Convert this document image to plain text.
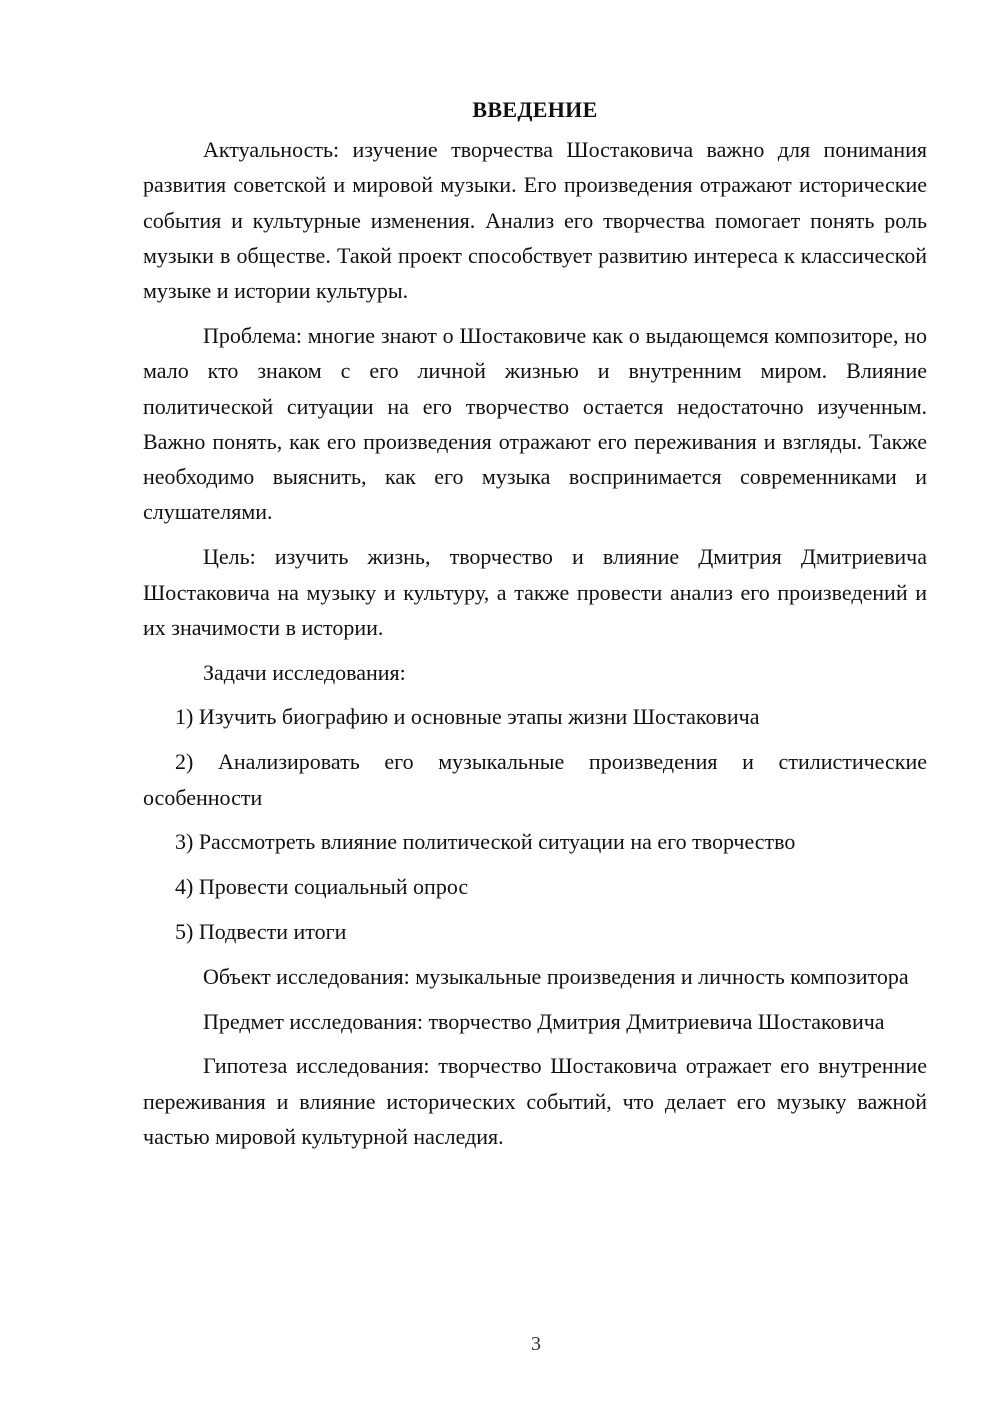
ВВЕДЕНИЕ

Актуальность: изучение творчества Шостаковича важно для понимания развития советской и мировой музыки. Его произведения отражают исторические события и культурные изменения. Анализ его творчества помогает понять роль музыки в обществе. Такой проект способствует развитию интереса к классической музыке и истории культуры.

Проблема: многие знают о Шостаковиче как о выдающемся композиторе, но мало кто знаком с его личной жизнью и внутренним миром. Влияние политической ситуации на его творчество остается недостаточно изученным. Важно понять, как его произведения отражают его переживания и взгляды. Также необходимо выяснить, как его музыка воспринимается современниками и слушателями.

Цель: изучить жизнь, творчество и влияние Дмитрия Дмитриевича Шостаковича на музыку и культуру, а также провести анализ его произведений и их значимости в истории.

Задачи исследования:

1) Изучить биографию и основные этапы жизни Шостаковича

2) Анализировать его музыкальные произведения и стилистические особенности

3) Рассмотреть влияние политической ситуации на его творчество

4) Провести социальный опрос

5) Подвести итоги

Объект исследования: музыкальные произведения и личность композитора

Предмет исследования: творчество Дмитрия Дмитриевича Шостаковича

Гипотеза исследования: творчество Шостаковича отражает его внутренние переживания и влияние исторических событий, что делает его музыку важной частью мировой культурной наследия.

3
